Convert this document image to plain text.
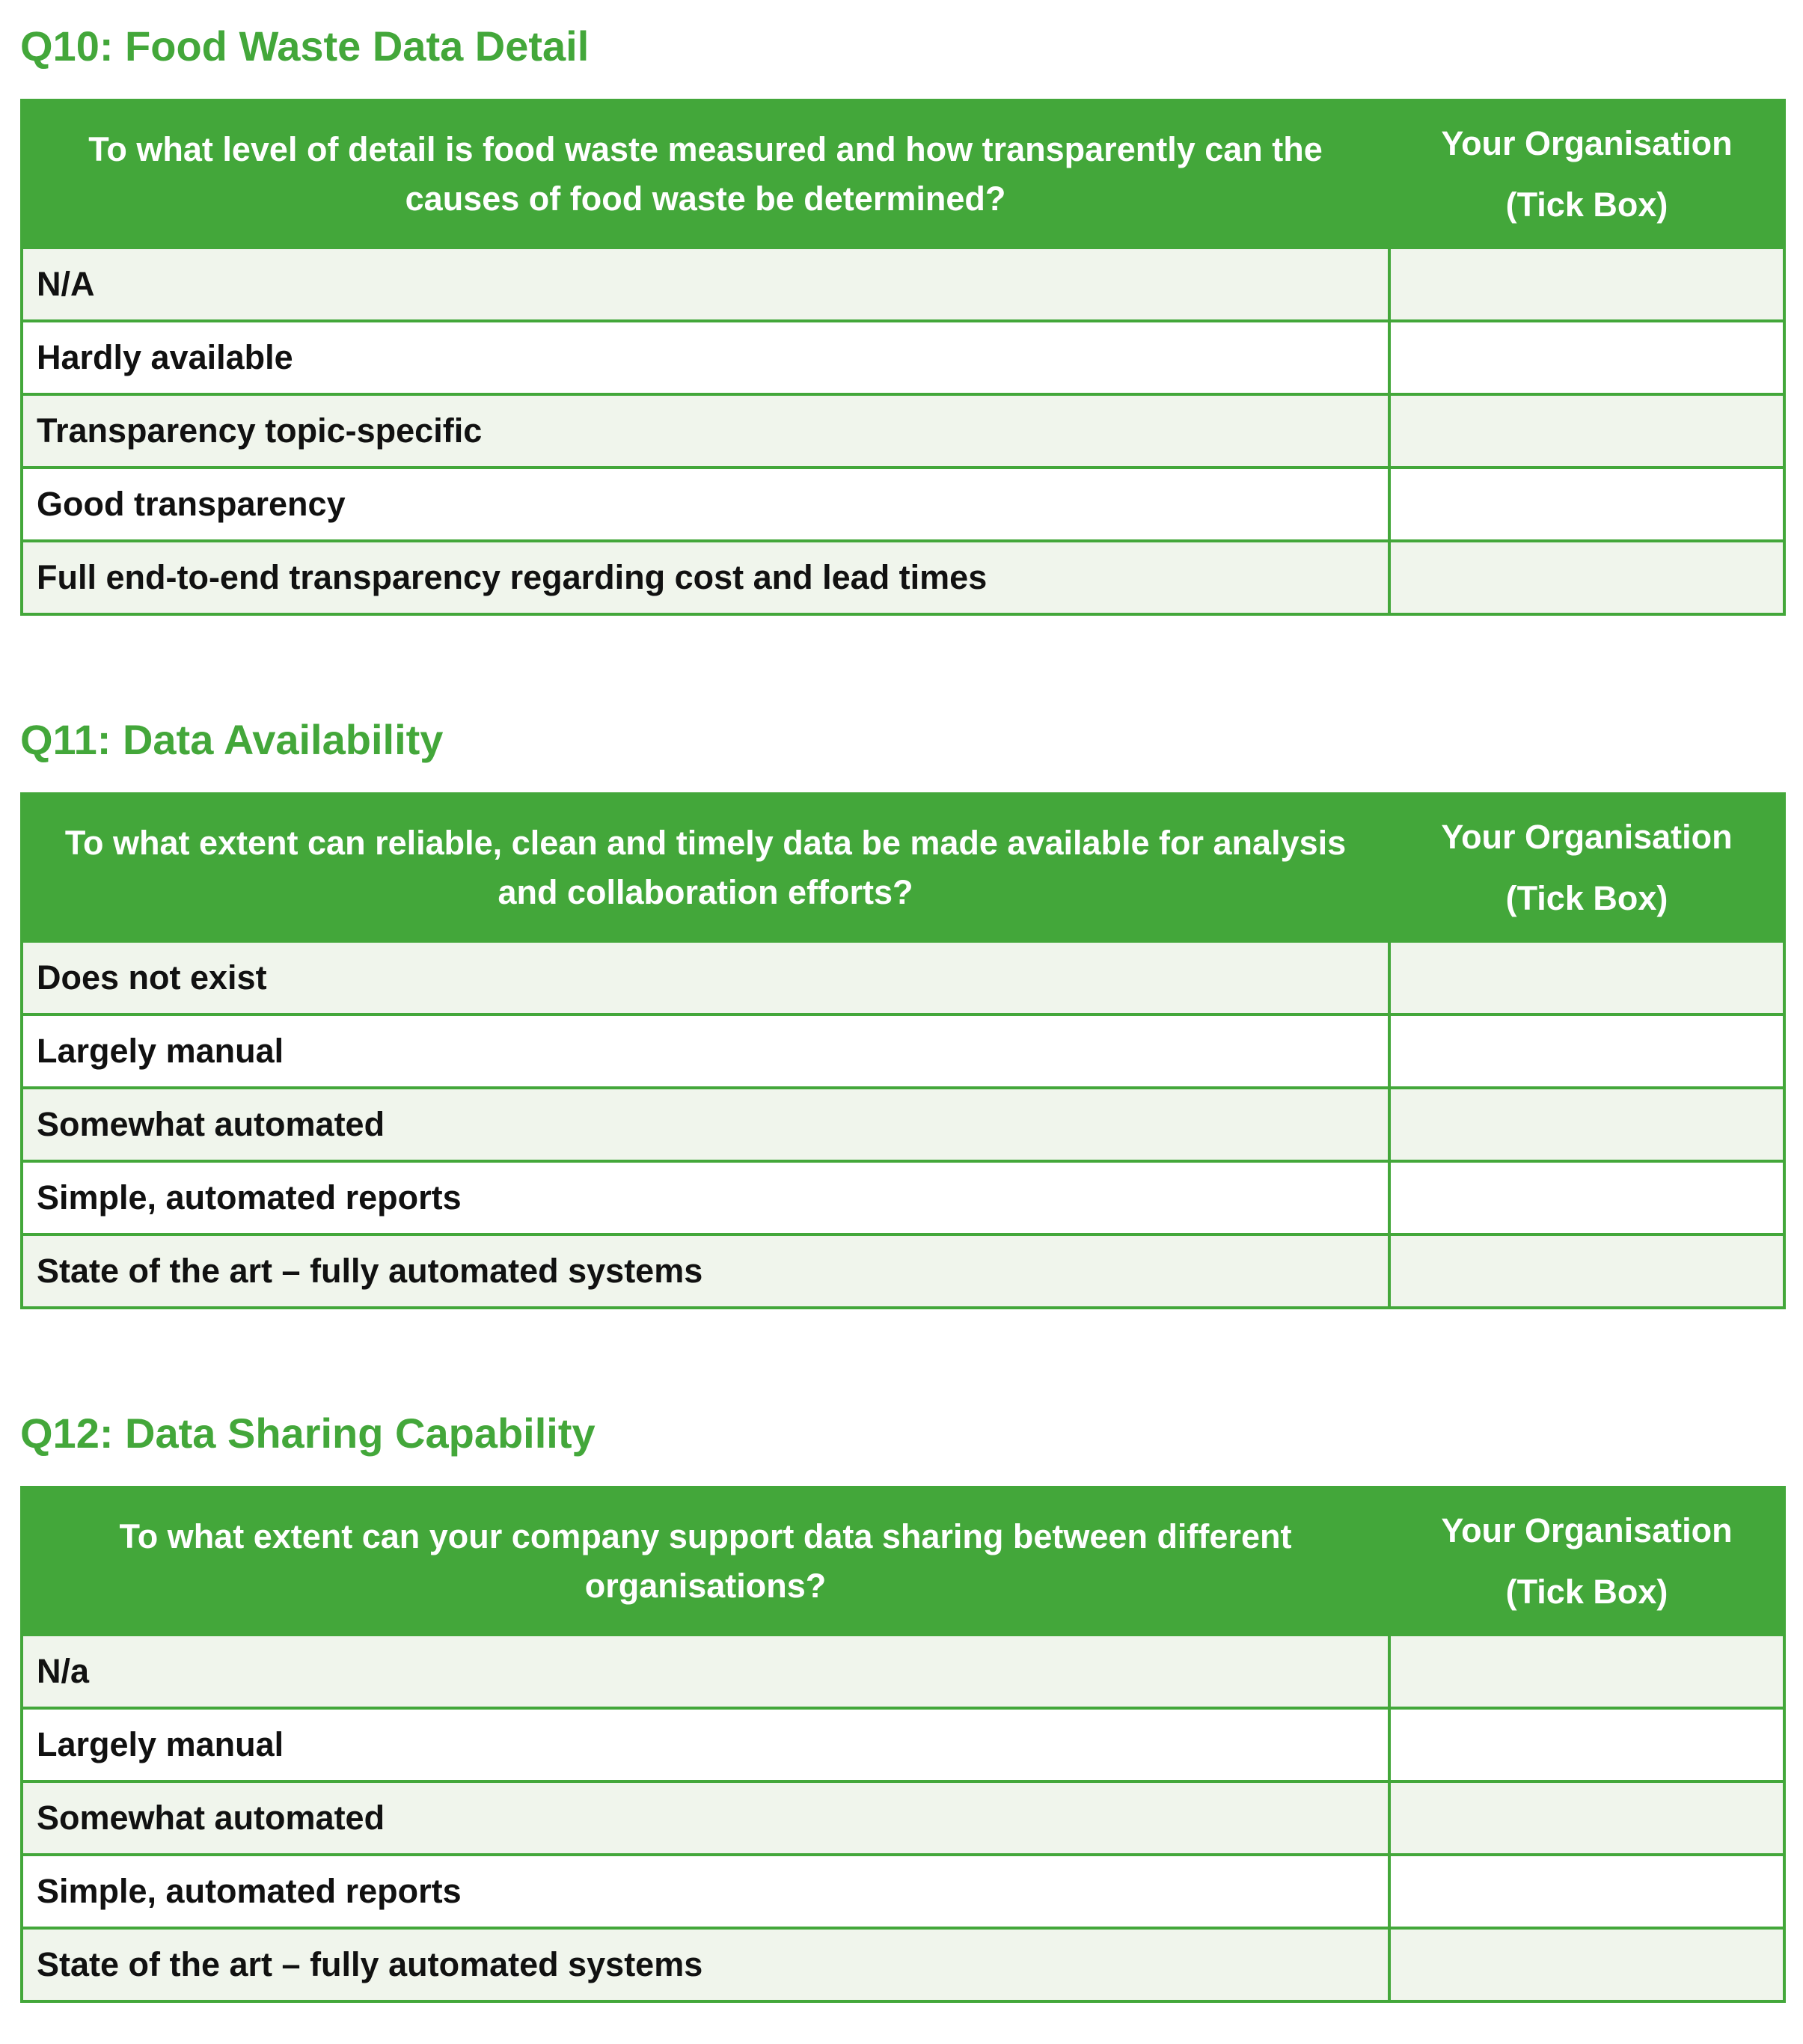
Q10: Food Waste Data Detail
To what level of detail is food waste measured and how transparently can the causes of food waste be determined?	Your Organisation
(Tick Box)
N/A	
Hardly available	
Transparency topic-specific	
Good transparency	
Full end-to-end transparency regarding cost and lead times	
Q11: Data Availability
To what extent can reliable, clean and timely data be made available for analysis and collaboration efforts?	Your Organisation
(Tick Box)
Does not exist	
Largely manual	
Somewhat automated	
Simple, automated reports	
State of the art – fully automated systems	
Q12: Data Sharing Capability
To what extent can your company support data sharing between different organisations?	Your Organisation
(Tick Box)
N/a	
Largely manual	
Somewhat automated	
Simple, automated reports	
State of the art – fully automated systems	
